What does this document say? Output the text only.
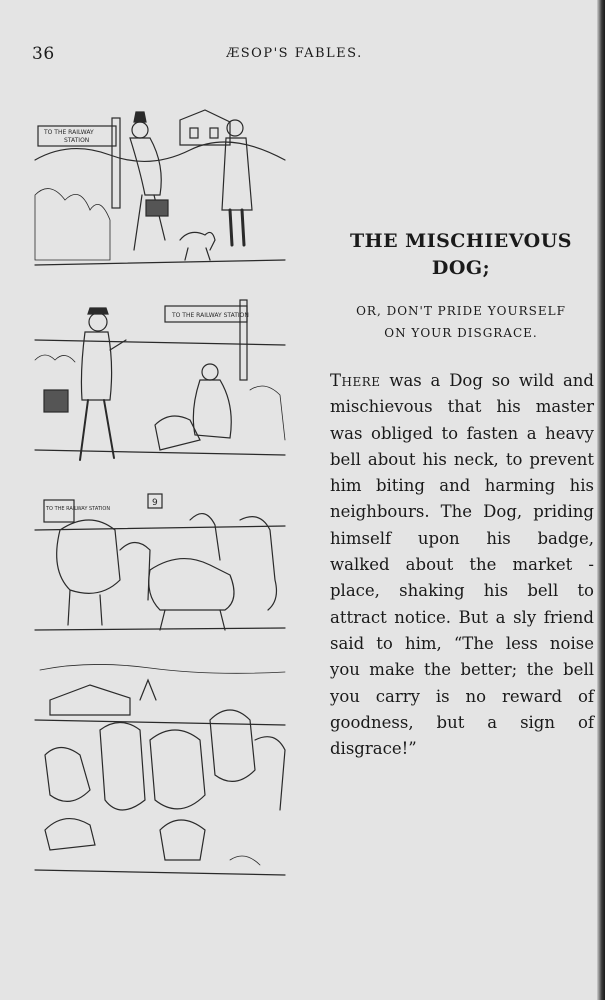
36	ÆSOP'S FABLES.
TO THE RAILWAY
STATION
TO THE RAILWAY STATION
TO THE RAILWAY STATION
9
THE MISCHIEVOUS
DOG;

OR, DON'T PRIDE YOURSELF
ON YOUR DISGRACE.

There was a Dog so wild and mischievous that his master was obliged to fasten a heavy bell about his neck, to prevent him biting and harming his neighbours. The Dog, priding himself upon his badge, walked about the market - place, shaking his bell to attract notice. But a sly friend said to him, “The less noise you make the better; the bell you carry is no reward of goodness, but a sign of disgrace!”
